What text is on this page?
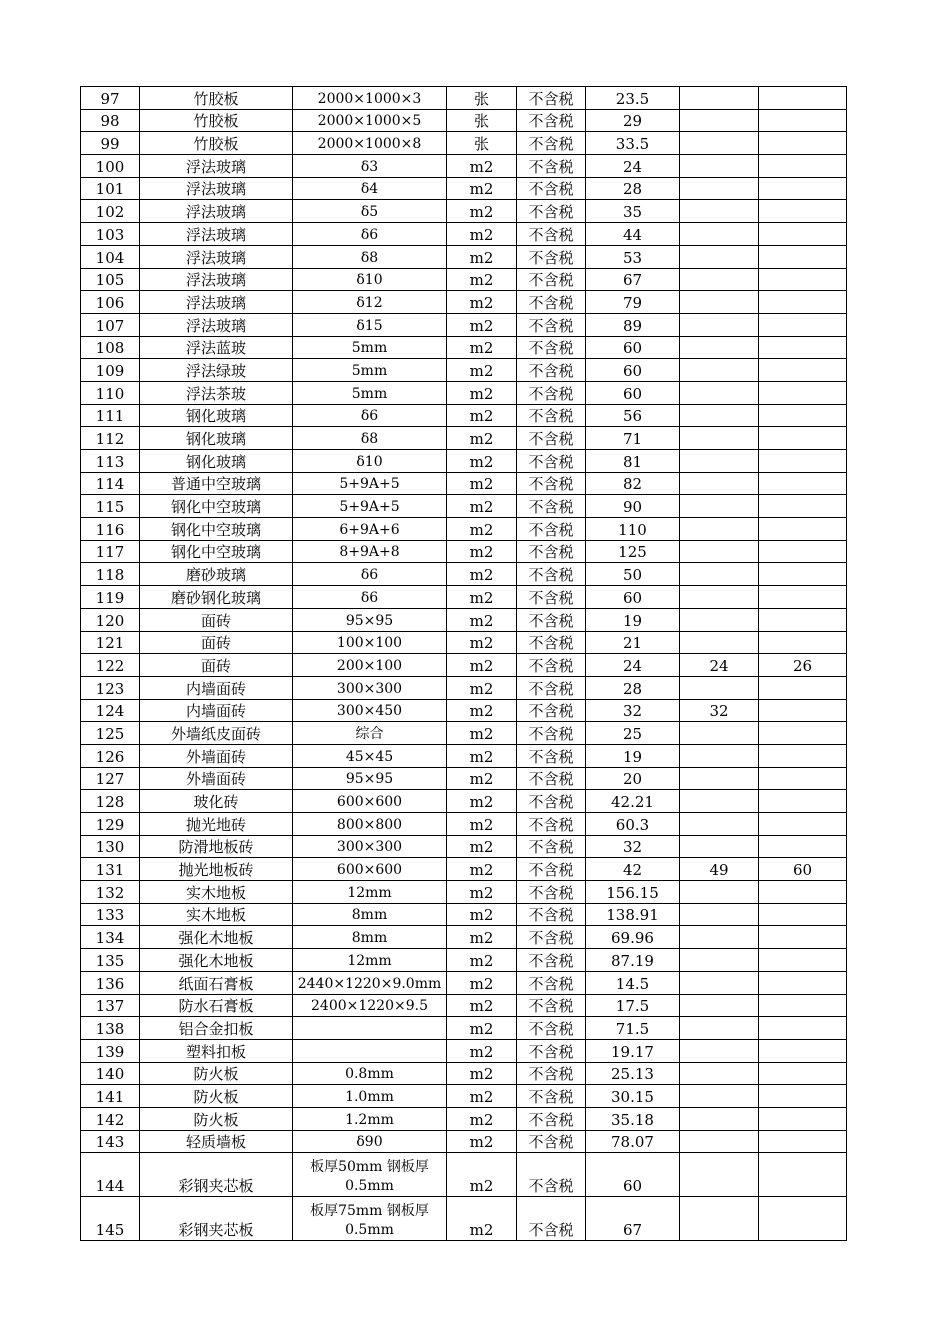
97	竹胶板	2000×1000×3	张	不含税	23.5		
98	竹胶板	2000×1000×5	张	不含税	29		
99	竹胶板	2000×1000×8	张	不含税	33.5		
100	浮法玻璃	δ3	m2	不含税	24		
101	浮法玻璃	δ4	m2	不含税	28		
102	浮法玻璃	δ5	m2	不含税	35		
103	浮法玻璃	δ6	m2	不含税	44		
104	浮法玻璃	δ8	m2	不含税	53		
105	浮法玻璃	δ10	m2	不含税	67		
106	浮法玻璃	δ12	m2	不含税	79		
107	浮法玻璃	δ15	m2	不含税	89		
108	浮法蓝玻	5mm	m2	不含税	60		
109	浮法绿玻	5mm	m2	不含税	60		
110	浮法茶玻	5mm	m2	不含税	60		
111	钢化玻璃	δ6	m2	不含税	56		
112	钢化玻璃	δ8	m2	不含税	71		
113	钢化玻璃	δ10	m2	不含税	81		
114	普通中空玻璃	5+9A+5	m2	不含税	82		
115	钢化中空玻璃	5+9A+5	m2	不含税	90		
116	钢化中空玻璃	6+9A+6	m2	不含税	110		
117	钢化中空玻璃	8+9A+8	m2	不含税	125		
118	磨砂玻璃	δ6	m2	不含税	50		
119	磨砂钢化玻璃	δ6	m2	不含税	60		
120	面砖	95×95	m2	不含税	19		
121	面砖	100×100	m2	不含税	21		
122	面砖	200×100	m2	不含税	24	24	26
123	内墙面砖	300×300	m2	不含税	28		
124	内墙面砖	300×450	m2	不含税	32	32	
125	外墙纸皮面砖	综合	m2	不含税	25		
126	外墙面砖	45×45	m2	不含税	19		
127	外墙面砖	95×95	m2	不含税	20		
128	玻化砖	600×600	m2	不含税	42.21		
129	抛光地砖	800×800	m2	不含税	60.3		
130	防滑地板砖	300×300	m2	不含税	32		
131	抛光地板砖	600×600	m2	不含税	42	49	60
132	实木地板	12mm	m2	不含税	156.15		
133	实木地板	8mm	m2	不含税	138.91		
134	强化木地板	8mm	m2	不含税	69.96		
135	强化木地板	12mm	m2	不含税	87.19		
136	纸面石膏板	2440×1220×9.0mm	m2	不含税	14.5		
137	防水石膏板	2400×1220×9.5	m2	不含税	17.5		
138	铝合金扣板		m2	不含税	71.5		
139	塑料扣板		m2	不含税	19.17		
140	防火板	0.8mm	m2	不含税	25.13		
141	防火板	1.0mm	m2	不含税	30.15		
142	防火板	1.2mm	m2	不含税	35.18		
143	轻质墙板	δ90	m2	不含税	78.07		
144	彩钢夹芯板	板厚50mm 钢板厚0.5mm	m2	不含税	60		
145	彩钢夹芯板	板厚75mm 钢板厚0.5mm	m2	不含税	67		
